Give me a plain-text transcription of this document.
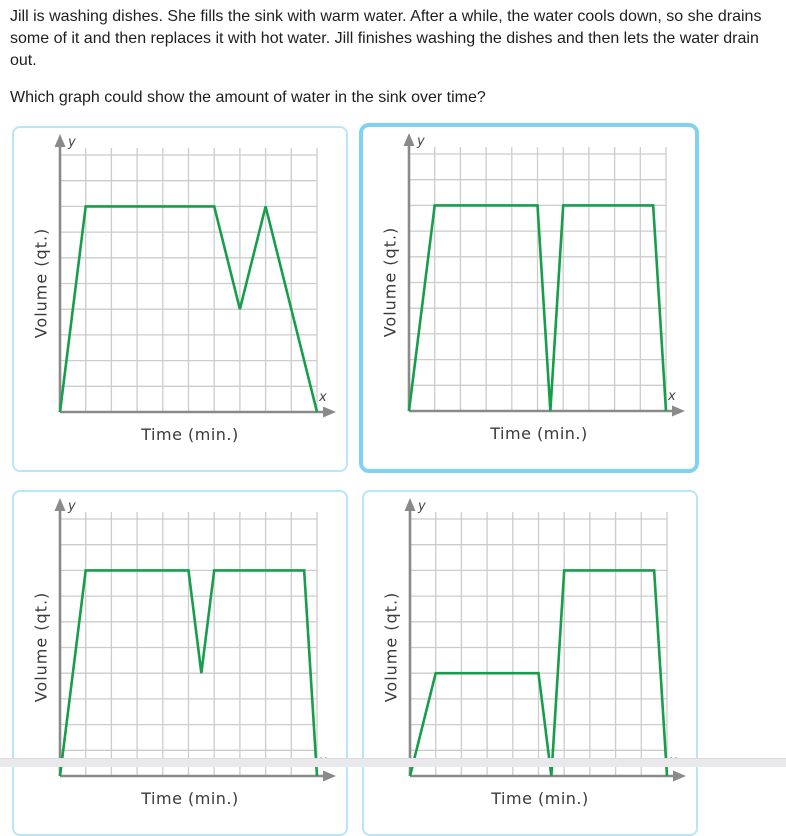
Jill is washing dishes. She fills the sink with warm water. After a while, the water cools down, so she drains some of it and then replaces it with hot water. Jill finishes washing the dishes and then lets the water drain out.
Which graph could show the amount of water in the sink over time?
y
x
Volume (qt.)
Time (min.)
y
x
Volume (qt.)
Time (min.)
y
Volume (qt.)
Time (min.)
y
Volume (qt.)
Time (min.)
